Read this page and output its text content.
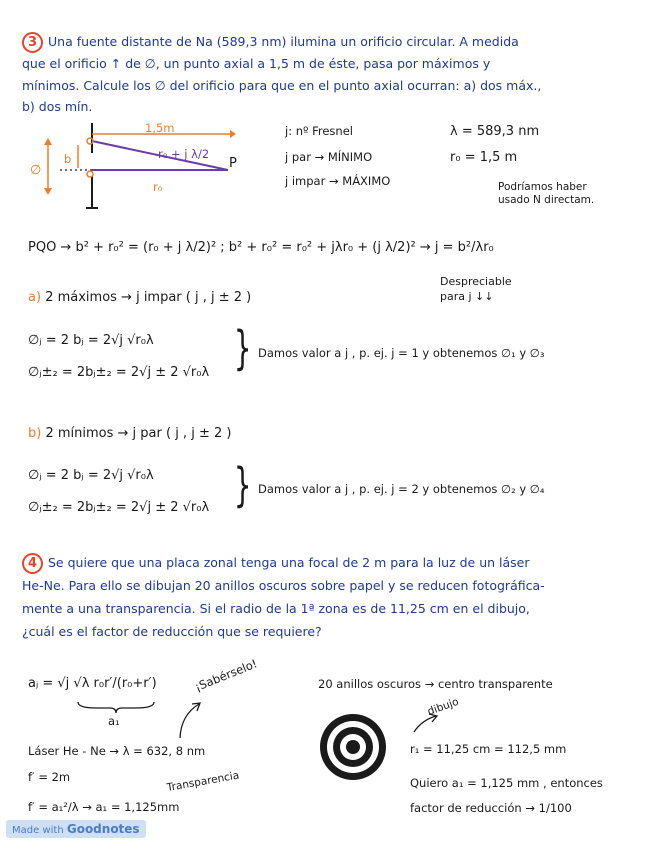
3 Una fuente distante de Na (589,3 nm) ilumina un orificio circular. A medida
que el orificio ↑ de ∅, un punto axial a 1,5 m de éste, pasa por máximos y
mínimos. Calcule los ∅ del orificio para que en el punto axial ocurran: a) dos máx.,
b) dos mín.
1,5m
r₀ + j λ/2
r₀
P
b
∅
j: nº Fresnel
j par → MÍNIMO
j impar → MÁXIMO
λ = 589,3 nm
r₀ = 1,5 m
Podríamos haber
usado N directam.
PQO → b² + r₀² = (r₀ + j λ/2)² ; b² + r₀² = r₀² + jλr₀ + (j λ/2)² → j = b²/λr₀
Despreciable
para j ↓↓
a) 2 máximos → j impar ( j , j ± 2 )
∅ⱼ = 2 bⱼ = 2√j √r₀λ
∅ⱼ±₂ = 2bⱼ±₂ = 2√j ± 2 √r₀λ } Damos valor a j , p. ej. j = 1 y obtenemos ∅₁ y ∅₃
b) 2 mínimos → j par ( j , j ± 2 )
∅ⱼ = 2 bⱼ = 2√j √r₀λ
∅ⱼ±₂ = 2bⱼ±₂ = 2√j ± 2 √r₀λ } Damos valor a j , p. ej. j = 2 y obtenemos ∅₂ y ∅₄
4 Se quiere que una placa zonal tenga una focal de 2 m para la luz de un láser
He-Ne. Para ello se dibujan 20 anillos oscuros sobre papel y se reducen fotográfica-
mente a una transparencia. Si el radio de la 1ª zona es de 11,25 cm en el dibujo,
¿cuál es el factor de reducción que se requiere?
aⱼ = √j √λ r₀r′/(r₀+r′)
a₁
¡Sabérselo!	20 anillos oscuros → centro transparente
dibujo
r₁ = 11,25 cm = 112,5 mm
Láser He - Ne → λ = 632, 8 nm
f′ = 2m
f′ = a₁²/λ → a₁ = 1,125mm
Transparencia	Quiero a₁ = 1,125 mm , entonces
factor de reducción → 1/100
Made with Goodnotes
